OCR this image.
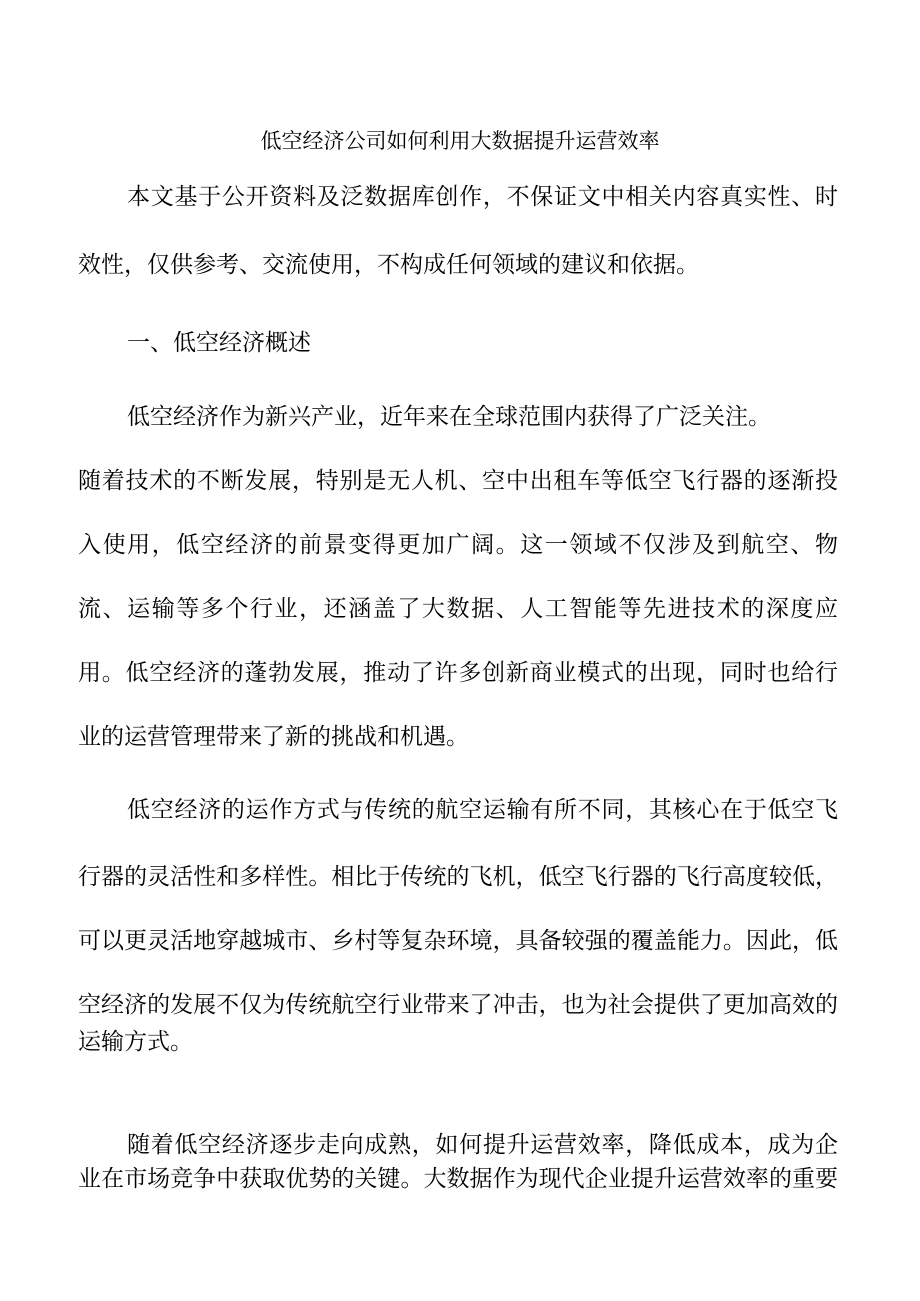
低空经济公司如何利用大数据提升运营效率
本文基于公开资料及泛数据库创作，不保证文中相关内容真实性、时
效性，仅供参考、交流使用，不构成任何领域的建议和依据。
一、低空经济概述
低空经济作为新兴产业，近年来在全球范围内获得了广泛关注。
随着技术的不断发展，特别是无人机、空中出租车等低空飞行器的逐渐投
入使用，低空经济的前景变得更加广阔。这一领域不仅涉及到航空、物
流、运输等多个行业，还涵盖了大数据、人工智能等先进技术的深度应
用。低空经济的蓬勃发展，推动了许多创新商业模式的出现，同时也给行
业的运营管理带来了新的挑战和机遇。
低空经济的运作方式与传统的航空运输有所不同，其核心在于低空飞
行器的灵活性和多样性。相比于传统的飞机，低空飞行器的飞行高度较低，
可以更灵活地穿越城市、乡村等复杂环境，具备较强的覆盖能力。因此，低
空经济的发展不仅为传统航空行业带来了冲击，也为社会提供了更加高效的
运输方式。
随着低空经济逐步走向成熟，如何提升运营效率，降低成本，成为企
业在市场竞争中获取优势的关键。大数据作为现代企业提升运营效率的重要
